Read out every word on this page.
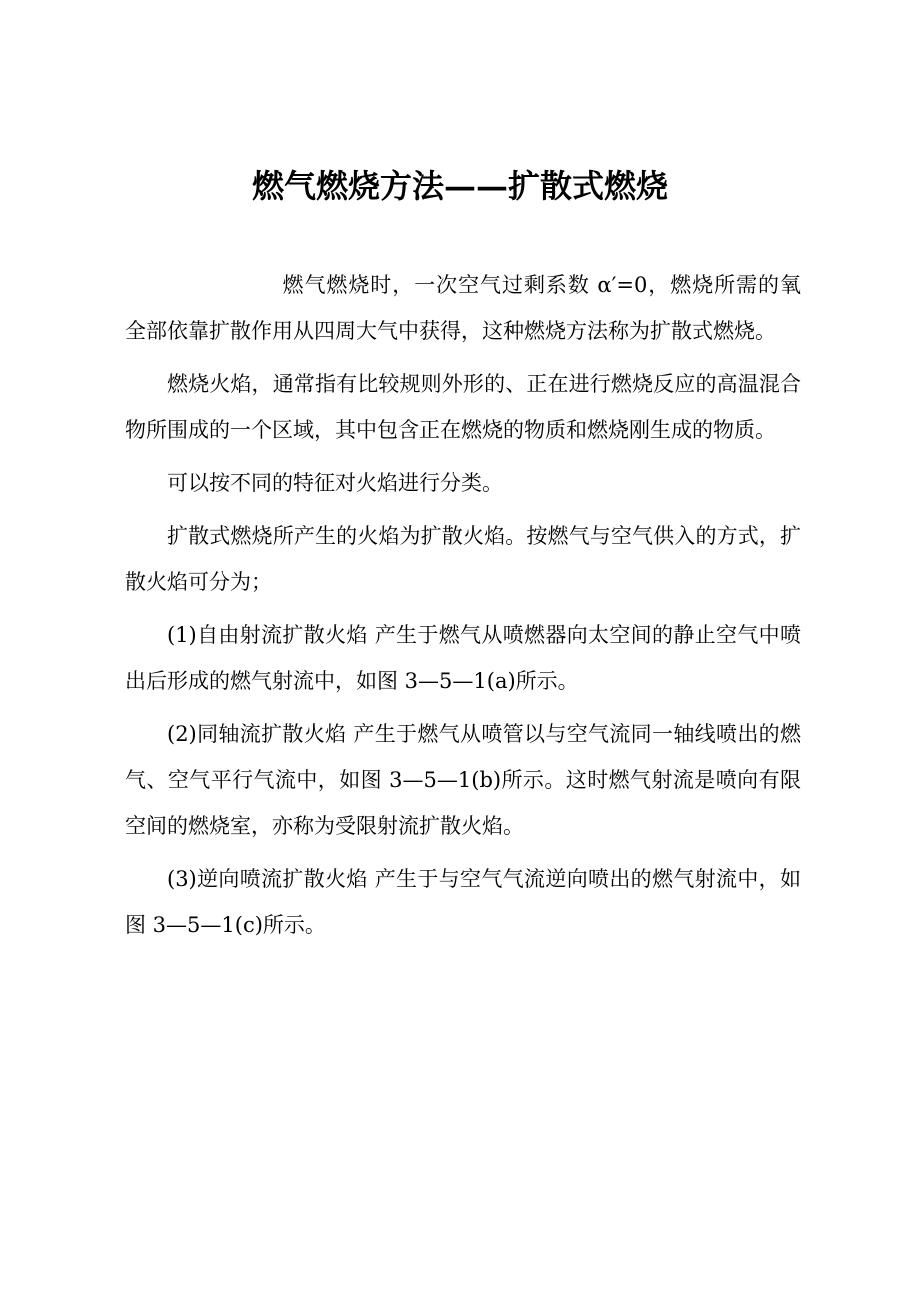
燃气燃烧方法——扩散式燃烧

燃气燃烧时，一次空气过剩系数 α′=0，燃烧所需的氧全部依靠扩散作用从四周大气中获得，这种燃烧方法称为扩散式燃烧。

燃烧火焰，通常指有比较规则外形的、正在进行燃烧反应的高温混合物所围成的一个区域，其中包含正在燃烧的物质和燃烧刚生成的物质。

可以按不同的特征对火焰进行分类。

扩散式燃烧所产生的火焰为扩散火焰。按燃气与空气供入的方式，扩散火焰可分为；

(1)自由射流扩散火焰 产生于燃气从喷燃器向太空间的静止空气中喷出后形成的燃气射流中，如图 3—5—1(a)所示。

(2)同轴流扩散火焰 产生于燃气从喷管以与空气流同一轴线喷出的燃气、空气平行气流中，如图 3—5—1(b)所示。这时燃气射流是喷向有限空间的燃烧室，亦称为受限射流扩散火焰。

(3)逆向喷流扩散火焰 产生于与空气气流逆向喷出的燃气射流中，如图 3—5—1(c)所示。
